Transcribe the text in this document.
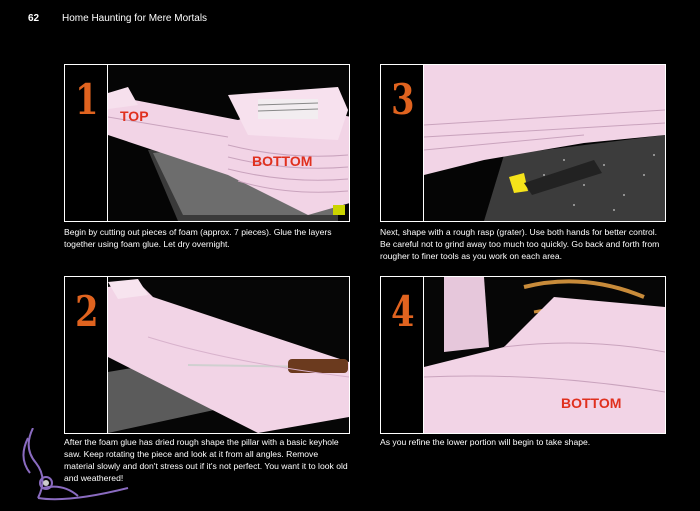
62 Home Haunting for Mere Mortals
1	TOP
BOTTOM
Begin by cutting out pieces of foam (approx. 7 pieces). Glue the layers together using foam glue. Let dry overnight.
2
After the foam glue has dried rough shape the pillar with a basic keyhole saw. Keep rotating the piece and look at it from all angles. Remove material slowly and don't stress out if it's not perfect. You want it to look old and weathered!
3
Next, shape with a rough rasp (grater). Use both hands for better control. Be careful not to grind away too much too quickly. Go back and forth from rougher to finer tools as you work on each area.
4
BOTTOM
As you refine the lower portion will begin to take shape.
